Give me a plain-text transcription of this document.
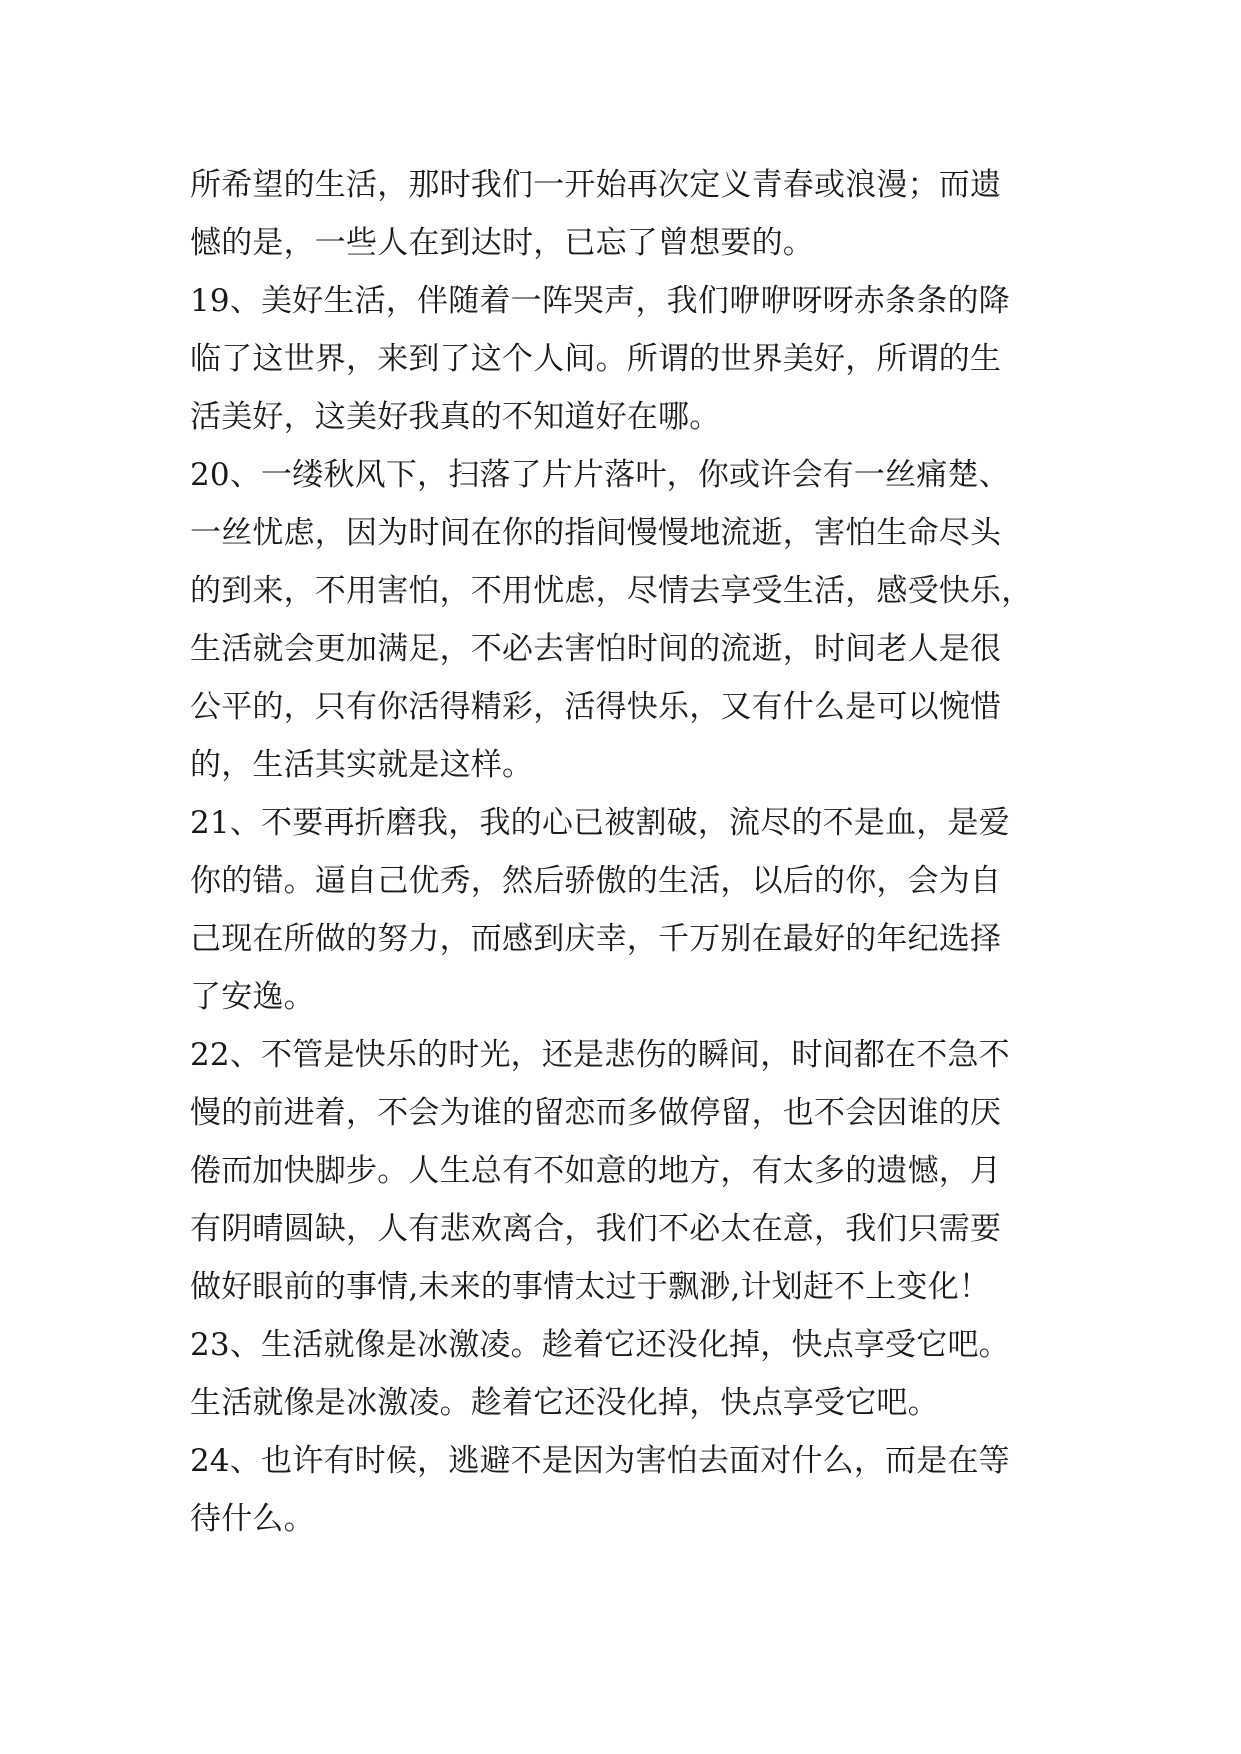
所希望的生活，那时我们一开始再次定义青春或浪漫；而遗
憾的是，一些人在到达时，已忘了曾想要的。
19、美好生活，伴随着一阵哭声，我们咿咿呀呀赤条条的降
临了这世界，来到了这个人间。所谓的世界美好，所谓的生
活美好，这美好我真的不知道好在哪。
20、一缕秋风下，扫落了片片落叶，你或许会有一丝痛楚、
一丝忧虑，因为时间在你的指间慢慢地流逝，害怕生命尽头
的到来，不用害怕，不用忧虑，尽情去享受生活，感受快乐，
生活就会更加满足，不必去害怕时间的流逝，时间老人是很
公平的，只有你活得精彩，活得快乐，又有什么是可以惋惜
的，生活其实就是这样。
21、不要再折磨我，我的心已被割破，流尽的不是血，是爱
你的错。逼自己优秀，然后骄傲的生活，以后的你，会为自
己现在所做的努力，而感到庆幸，千万别在最好的年纪选择
了安逸。
22、不管是快乐的时光，还是悲伤的瞬间，时间都在不急不
慢的前进着，不会为谁的留恋而多做停留，也不会因谁的厌
倦而加快脚步。人生总有不如意的地方，有太多的遗憾，月
有阴晴圆缺，人有悲欢离合，我们不必太在意，我们只需要
做好眼前的事情,未来的事情太过于飘渺,计划赶不上变化！
23、生活就像是冰激凌。趁着它还没化掉，快点享受它吧。
生活就像是冰激凌。趁着它还没化掉，快点享受它吧。
24、也许有时候，逃避不是因为害怕去面对什么，而是在等
待什么。
